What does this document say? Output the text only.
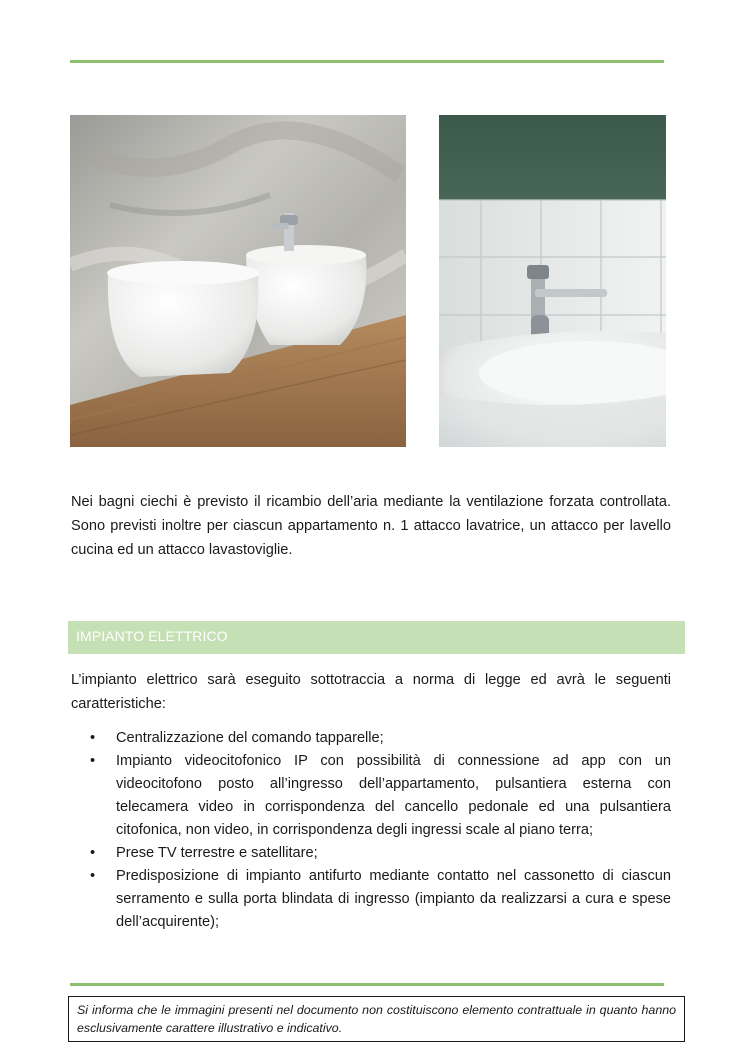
Nei bagni ciechi è previsto il ricambio dell’aria mediante la ventilazione forzata controllata. Sono previsti inoltre per ciascun appartamento n. 1 attacco lavatrice, un attacco per lavello cucina ed un attacco lavastoviglie.

IMPIANTO ELETTRICO

L’impianto elettrico sarà eseguito sottotraccia a norma di legge ed avrà le seguenti caratteristiche:

• Centralizzazione del comando tapparelle;
• Impianto videocitofonico IP con possibilità di connessione ad app con un videocitofono posto all’ingresso dell’appartamento, pulsantiera esterna con telecamera video in corrispondenza del cancello pedonale ed una pulsantiera citofonica, non video, in corrispondenza degli ingressi scale al piano terra;
• Prese TV terrestre e satellitare;
• Predisposizione di impianto antifurto mediante contatto nel cassonetto di ciascun serramento e sulla porta blindata di ingresso (impianto da realizzarsi a cura e spese dell’acquirente);

Si informa che le immagini presenti nel documento non costituiscono elemento contrattuale in quanto hanno esclusivamente carattere illustrativo e indicativo.
